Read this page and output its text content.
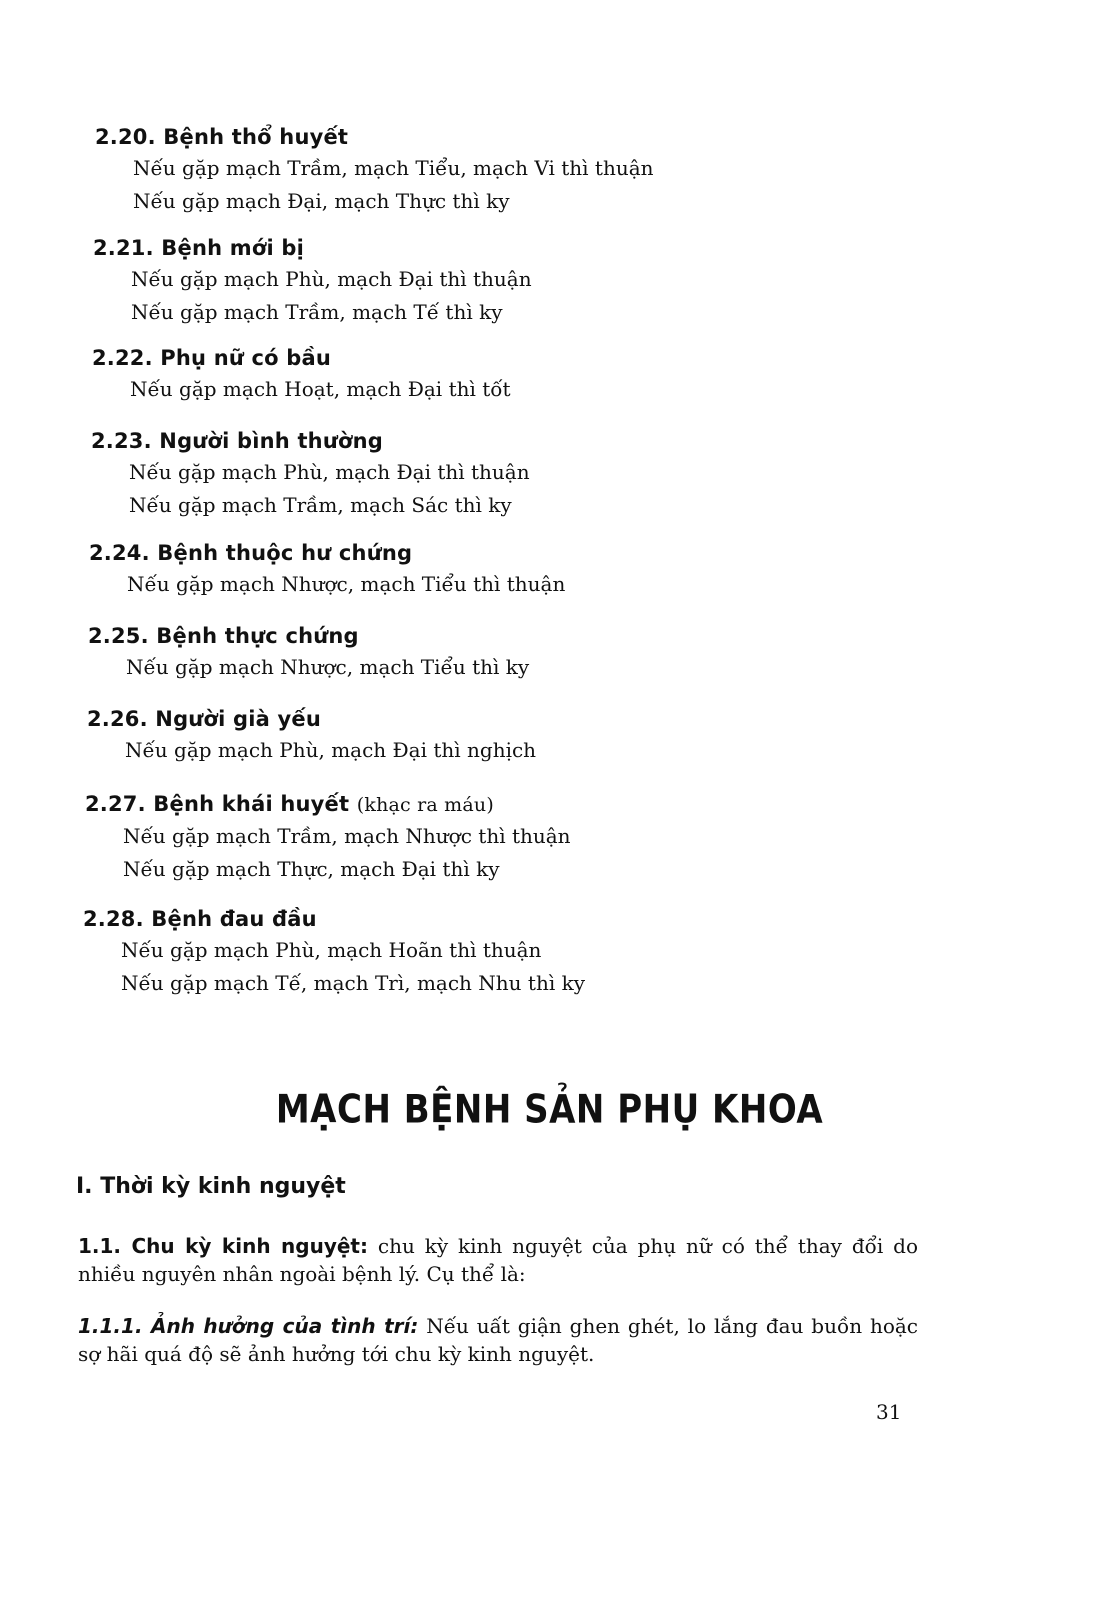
2.20. Bệnh thổ huyết

Nếu gặp mạch Trầm, mạch Tiểu, mạch Vi thì thuận

Nếu gặp mạch Đại, mạch Thực thì ky

2.21. Bệnh mới bị

Nếu gặp mạch Phù, mạch Đại thì thuận

Nếu gặp mạch Trầm, mạch Tế thì ky

2.22. Phụ nữ có bầu

Nếu gặp mạch Hoạt, mạch Đại thì tốt

2.23. Người bình thường

Nếu gặp mạch Phù, mạch Đại thì thuận

Nếu gặp mạch Trầm, mạch Sác thì ky

2.24. Bệnh thuộc hư chứng

Nếu gặp mạch Nhược, mạch Tiểu thì thuận

2.25. Bệnh thực chứng

Nếu gặp mạch Nhược, mạch Tiểu thì ky

2.26. Người già yếu

Nếu gặp mạch Phù, mạch Đại thì nghịch

2.27. Bệnh khái huyết (khạc ra máu)

Nếu gặp mạch Trầm, mạch Nhược thì thuận

Nếu gặp mạch Thực, mạch Đại thì ky

2.28. Bệnh đau đầu

Nếu gặp mạch Phù, mạch Hoãn thì thuận

Nếu gặp mạch Tế, mạch Trì, mạch Nhu thì ky

MẠCH BỆNH SẢN PHỤ KHOA
I. Thời kỳ kinh nguyệt

1.1. Chu kỳ kinh nguyệt: chu kỳ kinh nguyệt của phụ nữ có thể thay đổi do nhiều nguyên nhân ngoài bệnh lý. Cụ thể là:

1.1.1. Ảnh hưởng của tình trí: Nếu uất giận ghen ghét, lo lắng đau buồn hoặc sợ hãi quá độ sẽ ảnh hưởng tới chu kỳ kinh nguyệt.

31
